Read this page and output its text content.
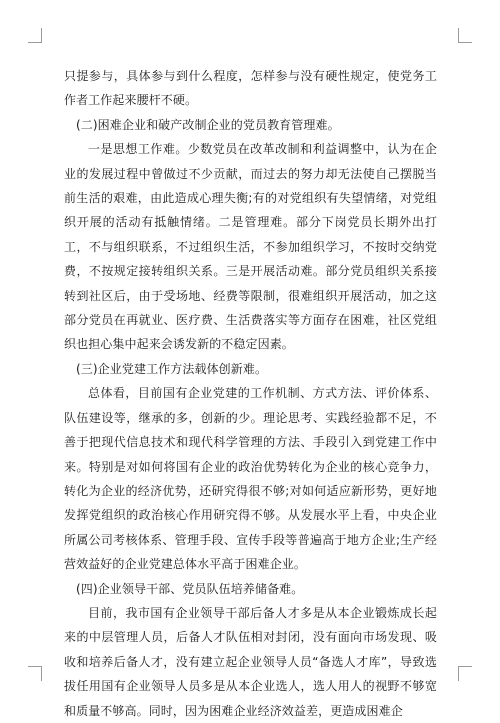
只提参与，具体参与到什么程度，怎样参与没有硬性规定，使党务工作者工作起来腰杆不硬。

(二)困难企业和破产改制企业的党员教育管理难。

一是思想工作难。少数党员在改革改制和利益调整中，认为在企业的发展过程中曾做过不少贡献，而过去的努力却无法使自己摆脱当前生活的艰难，由此造成心理失衡;有的对党组织有失望情绪，对党组织开展的活动有抵触情绪。二是管理难。部分下岗党员长期外出打工，不与组织联系，不过组织生活，不参加组织学习，不按时交纳党费，不按规定接转组织关系。三是开展活动难。部分党员组织关系接转到社区后，由于受场地、经费等限制，很难组织开展活动，加之这部分党员在再就业、医疗费、生活费落实等方面存在困难，社区党组织也担心集中起来会诱发新的不稳定因素。

(三)企业党建工作方法载体创新难。

总体看，目前国有企业党建的工作机制、方式方法、评价体系、队伍建设等，继承的多，创新的少。理论思考、实践经验都不足，不善于把现代信息技术和现代科学管理的方法、手段引入到党建工作中来。特别是对如何将国有企业的政治优势转化为企业的核心竞争力，转化为企业的经济优势，还研究得很不够;对如何适应新形势，更好地发挥党组织的政治核心作用研究得不够。从发展水平上看，中央企业所属公司考核体系、管理手段、宣传手段等普遍高于地方企业;生产经营效益好的企业党建总体水平高于困难企业。

(四)企业领导干部、党员队伍培养储备难。

目前，我市国有企业领导干部后备人才多是从本企业锻炼成长起来的中层管理人员，后备人才队伍相对封闭，没有面向市场发现、吸收和培养后备人才，没有建立起企业领导人员“备选人才库”，导致选拔任用国有企业领导人员多是从本企业选人，选人用人的视野不够宽和质量不够高。同时，因为困难企业经济效益差，更造成困难企
